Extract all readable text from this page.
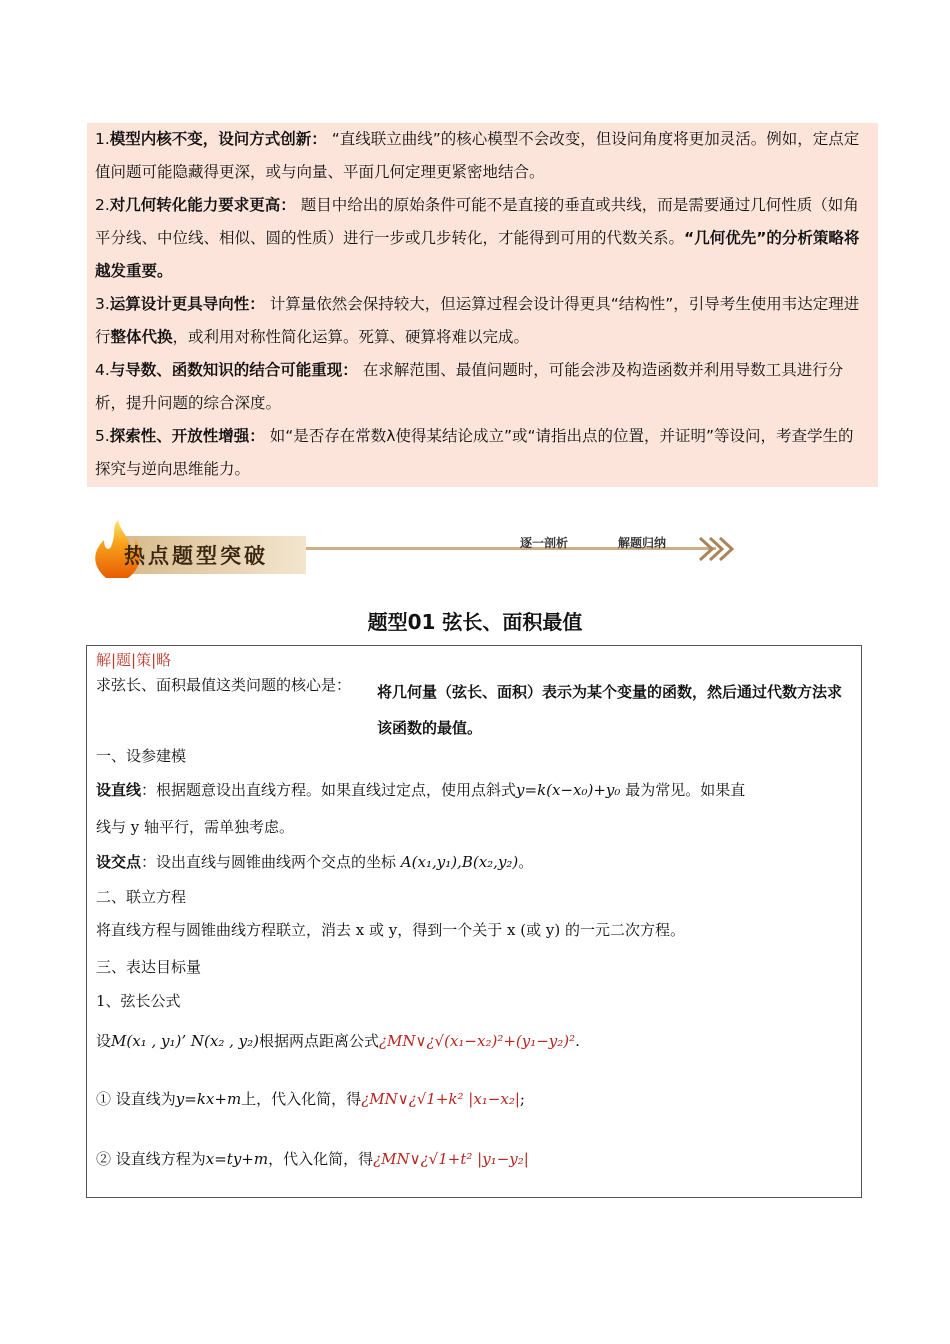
1.模型内核不变，设问方式创新： “直线联立曲线”的核心模型不会改变，但设问角度将更加灵活。例如，定点定值问题可能隐藏得更深，或与向量、平面几何定理更紧密地结合。

2.对几何转化能力要求更高： 题目中给出的原始条件可能不是直接的垂直或共线，而是需要通过几何性质（如角平分线、中位线、相似、圆的性质）进行一步或几步转化，才能得到可用的代数关系。“几何优先”的分析策略将越发重要。

3.运算设计更具导向性： 计算量依然会保持较大，但运算过程会设计得更具“结构性”，引导考生使用韦达定理进行整体代换，或利用对称性简化运算。死算、硬算将难以完成。

4.与导数、函数知识的结合可能重现： 在求解范围、最值问题时，可能会涉及构造函数并利用导数工具进行分析，提升问题的综合深度。

5.探索性、开放性增强： 如“是否存在常数λ使得某结论成立”或“请指出点的位置，并证明”等设问，考查学生的探究与逆向思维能力。

热点题型突破	逐一剖析	解题归纳
题型01 弦长、面积最值
解|题|策|略
求弦长、面积最值这类问题的核心是： 将几何量（弦长、面积）表示为某个变量的函数，然后通过代数方法求该函数的最值。
一、设参建模
设直线：根据题意设出直线方程。如果直线过定点，使用点斜式y=k(x−x₀)+y₀ 最为常见。如果直
线与 y 轴平行，需单独考虑。
设交点：设出直线与圆锥曲线两个交点的坐标 A(x₁,y₁),B(x₂,y₂)。
二、联立方程
将直线方程与圆锥曲线方程联立，消去 x 或 y，得到一个关于 x (或 y) 的一元二次方程。
三、表达目标量
1、弦长公式
设M(x₁ , y₁)’ N(x₂ , y₂)根据两点距离公式¿MN∨¿√(x₁−x₂)²+(y₁−y₂)².
① 设直线为y=kx+m上，代入化简，得¿MN∨¿√1+k² |x₁−x₂|;
② 设直线方程为x=ty+m，代入化简，得¿MN∨¿√1+t² |y₁−y₂|
